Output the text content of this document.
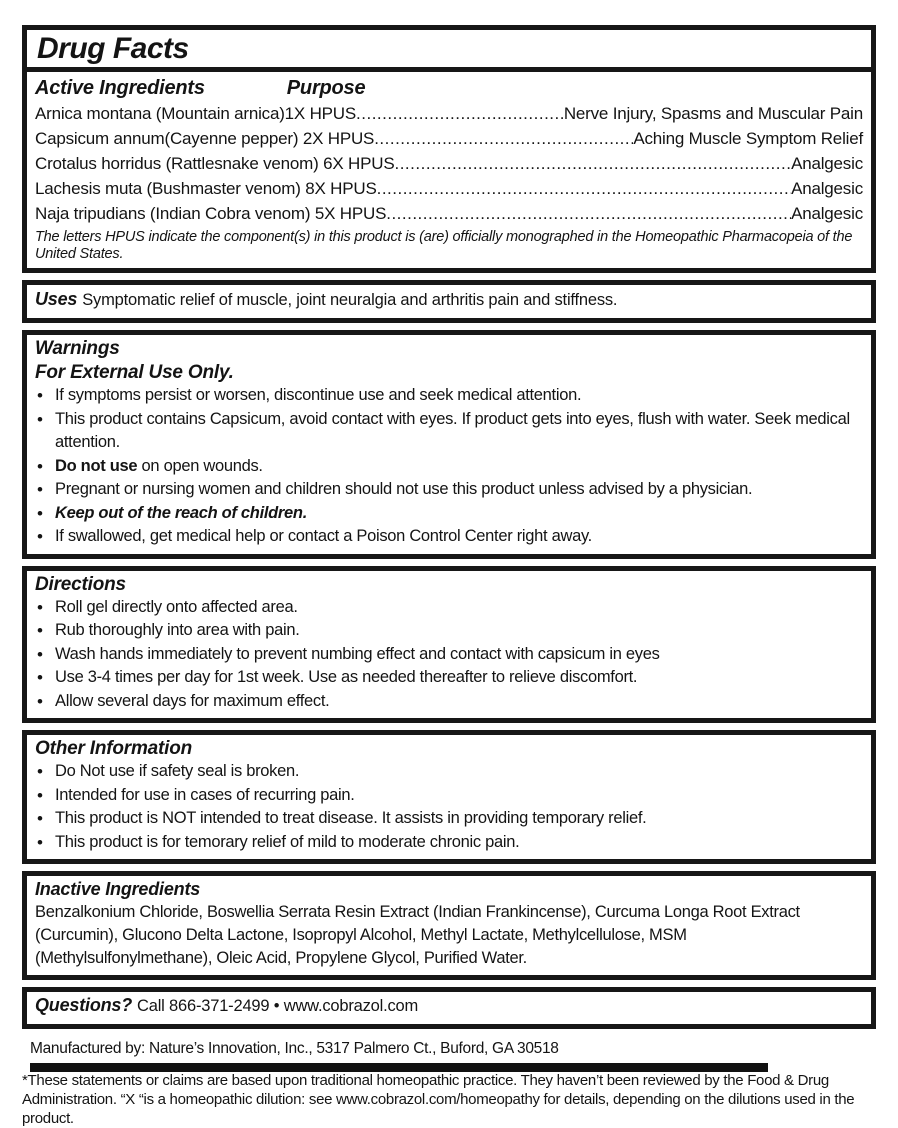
Drug Facts
Active Ingredients	Purpose
Arnica montana (Mountain arnica)1X HPUS .....	Nerve Injury, Spasms and Muscular Pain
Capsicum annum(Cayenne pepper) 2X HPUS .....	Aching Muscle Symptom Relief
Crotalus horridus (Rattlesnake venom) 6X HPUS .....	Analgesic
Lachesis muta (Bushmaster venom) 8X HPUS .....	Analgesic
Naja tripudians (Indian Cobra venom) 5X HPUS .....	Analgesic
The letters HPUS indicate the component(s) in this product is (are) officially monographed in the Homeopathic Pharmacopeia of the United States.
Uses Symptomatic relief of muscle, joint neuralgia and arthritis pain and stiffness.
Warnings
For External Use Only.
• If symptoms persist or worsen, discontinue use and seek medical attention.
• This product contains Capsicum, avoid contact with eyes. If product gets into eyes, flush with water. Seek medical attention.
• Do not use on open wounds.
• Pregnant or nursing women and children should not use this product unless advised by a physician.
• Keep out of the reach of children.
• If swallowed, get medical help or contact a Poison Control Center right away.
Directions
• Roll gel directly onto affected area.
• Rub thoroughly into area with pain.
• Wash hands immediately to prevent numbing effect and contact with capsicum in eyes
• Use 3-4 times per day for 1st week. Use as needed thereafter to relieve discomfort.
• Allow several days for maximum effect.
Other Information
• Do Not use if safety seal is broken.
• Intended for use in cases of recurring pain.
• This product is NOT intended to treat disease. It assists in providing temporary relief.
• This product is for temorary relief of mild to moderate chronic pain.
Inactive Ingredients
Benzalkonium Chloride, Boswellia Serrata Resin Extract (Indian Frankincense), Curcuma Longa Root Extract (Curcumin), Glucono Delta Lactone, Isopropyl Alcohol, Methyl Lactate, Methylcellulose, MSM (Methylsulfonylmethane), Oleic Acid, Propylene Glycol, Purified Water.
Questions? Call 866-371-2499 • www.cobrazol.com
Manufactured by: Nature’s Innovation, Inc., 5317 Palmero Ct., Buford, GA 30518
*These statements or claims are based upon traditional homeopathic practice. They haven’t been reviewed by the Food & Drug Administration. “X “is a homeopathic dilution: see www.cobrazol.com/homeopathy for details, depending on the dilutions used in the product.
